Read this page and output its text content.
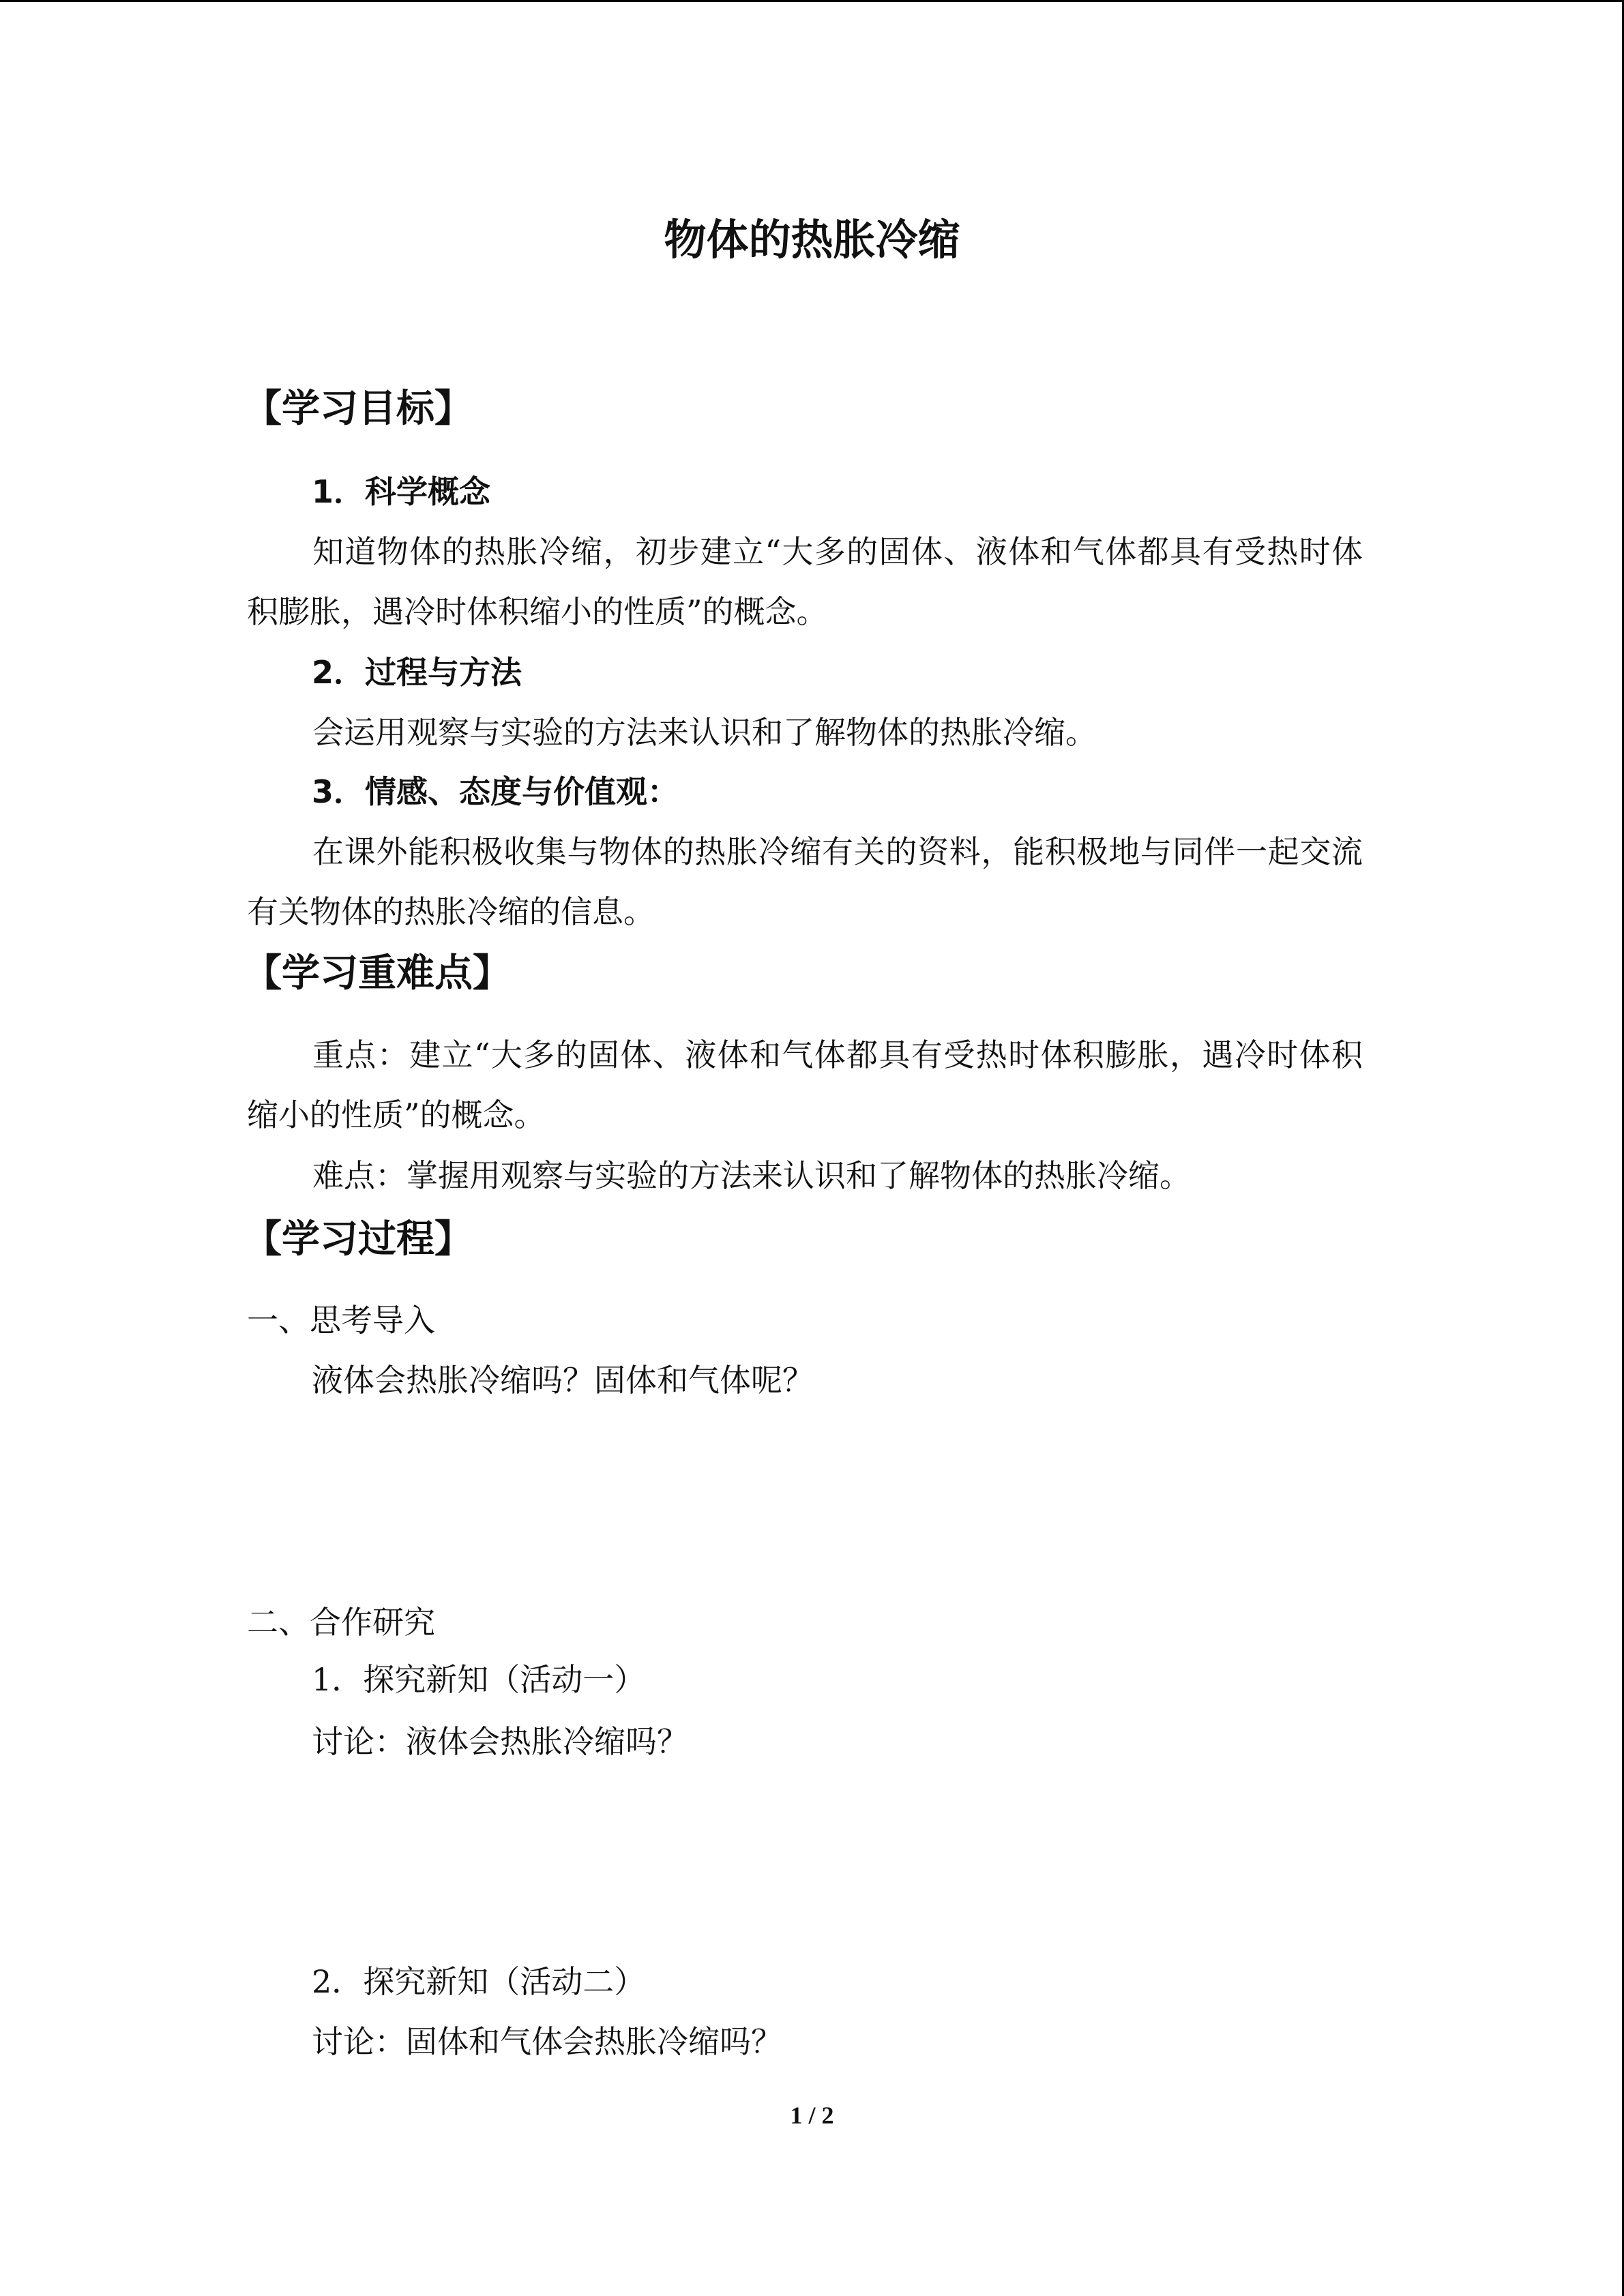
物体的热胀冷缩
【学习目标】
1．科学概念
知道物体的热胀冷缩，初步建立“大多的固体、液体和气体都具有受热时体积膨胀，遇冷时体积缩小的性质”的概念。
2．过程与方法
会运用观察与实验的方法来认识和了解物体的热胀冷缩。
3．情感、态度与价值观：
在课外能积极收集与物体的热胀冷缩有关的资料，能积极地与同伴一起交流有关物体的热胀冷缩的信息。
【学习重难点】
重点：建立“大多的固体、液体和气体都具有受热时体积膨胀，遇冷时体积缩小的性质”的概念。
难点：掌握用观察与实验的方法来认识和了解物体的热胀冷缩。
【学习过程】
一、思考导入
液体会热胀冷缩吗？固体和气体呢？
二、合作研究
1．探究新知（活动一）
讨论：液体会热胀冷缩吗？
2．探究新知（活动二）
讨论：固体和气体会热胀冷缩吗？
1 / 2
